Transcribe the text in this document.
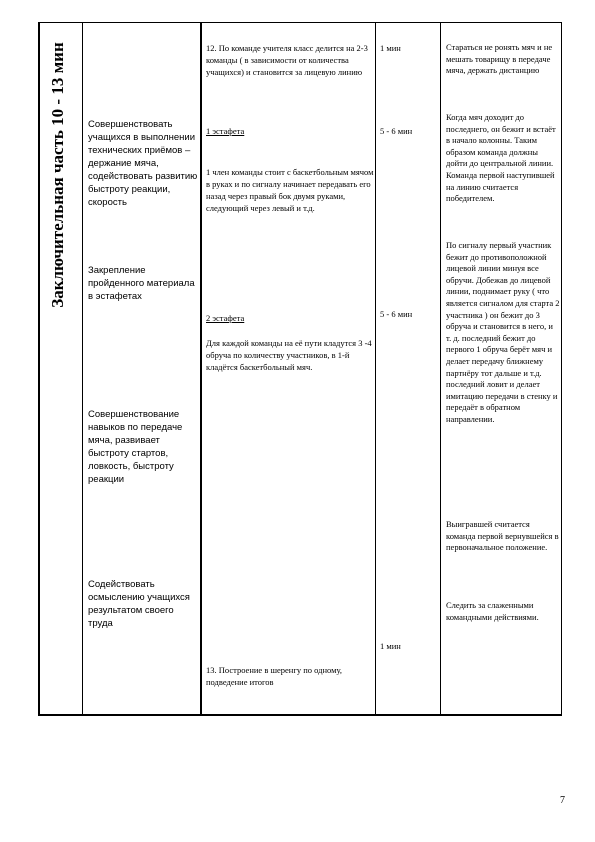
Заключительная часть 10 - 13 мин Совершенствовать учащихся в выполнении технических приёмов – держание мяча, содействовать развитию быстроту реакции, скорость
Закрепление пройденного материала в эстафетах
Совершенствование навыков по передаче мяча, развивает быстроту стартов, ловкость, быстроту реакции
Содействовать осмыслению учащихся результатом своего труда
12. По команде учителя класс делится на 2-3 команды ( в зависимости от количества учащихся) и становится за лицевую линию
1 эстафета
1 член команды стоит с баскетбольным мячом в руках и по сигналу начинает передавать его назад через правый бок двумя руками, следующий через левый и т.д.
2 эстафета
Для каждой команды на её пути кладутся 3 -4 обруча по количеству участников, в 1-й кладётся баскетбольный мяч.
13. Построение в шеренгу по одному, подведение итогов
1 мин
5 - 6 мин
5 - 6 мин
1 мин
Стараться не ронять мяч и не мешать товарищу в передаче мяча, держать дистанцию
Когда мяч доходит до последнего, он бежит и встаёт в начало колонны. Таким образом команда должны дойти до центральной линии. Команда первой наступившей на линию считается победителем.
По сигналу первый участник бежит до противоположной лицевой линии минуя все обручи. Добежав до лицевой линии, поднимает руку ( что является сигналом для старта 2 участника ) он бежит до 3 обруча и становится в него, и т. д. последний бежит до первого 1 обруча берёт мяч и делает передачу ближнему партнёру тот дальше и т.д. последний ловит и делает имитацию передачи в стенку и передаёт в обратном направлении.
Выигравшей считается команда первой вернувшейся в первоначальное положение.
Следить за слаженными командными действиями.
7
